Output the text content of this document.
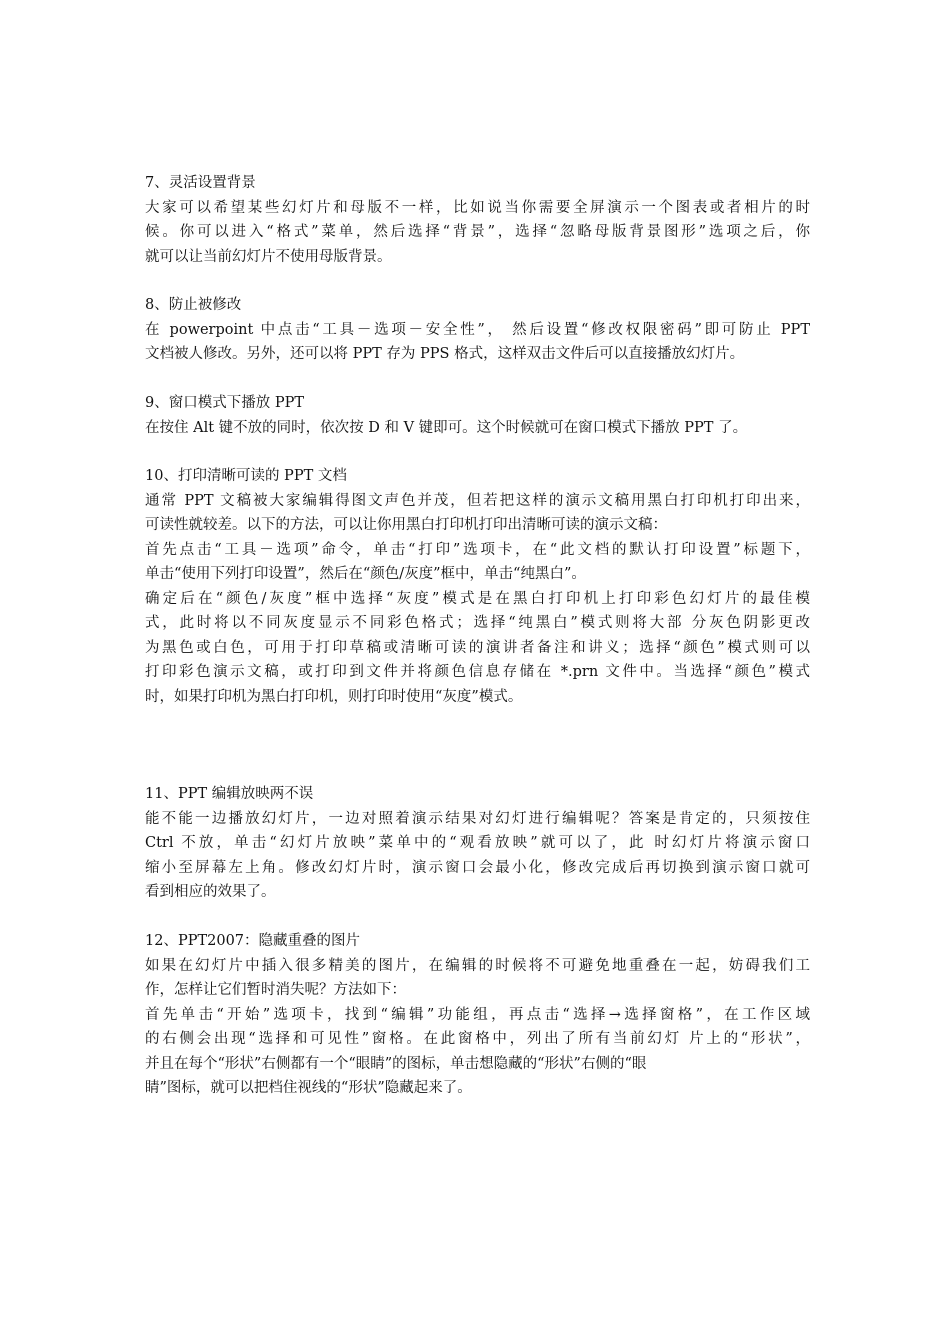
7、灵活设置背景
大家可以希望某些幻灯片和母版不一样，比如说当你需要全屏演示一个图表或者相片的时
候。你可以进入“格式”菜单，然后选择“背景”，选择“忽略母版背景图形”选项之后，你
就可以让当前幻灯片不使用母版背景。
8、防止被修改
在 powerpoint 中点击“工具－选项－安全性”， 然后设置“修改权限密码”即可防止 PPT
文档被人修改。另外，还可以将 PPT 存为 PPS 格式，这样双击文件后可以直接播放幻灯片。
9、窗口模式下播放 PPT
在按住 Alt 键不放的同时，依次按 D 和 V 键即可。这个时候就可在窗口模式下播放 PPT 了。
10、打印清晰可读的 PPT 文档
通常 PPT 文稿被大家编辑得图文声色并茂，但若把这样的演示文稿用黑白打印机打印出来，
可读性就较差。以下的方法，可以让你用黑白打印机打印出清晰可读的演示文稿：
首先点击“工具－选项”命令，单击“打印”选项卡，在“此文档的默认打印设置”标题下，
单击“使用下列打印设置”，然后在“颜色/灰度”框中，单击“纯黑白”。
确定后在“颜色/灰度”框中选择“灰度”模式是在黑白打印机上打印彩色幻灯片的最佳模
式，此时将以不同灰度显示不同彩色格式；选择“纯黑白”模式则将大部 分灰色阴影更改
为黑色或白色，可用于打印草稿或清晰可读的演讲者备注和讲义；选择“颜色”模式则可以
打印彩色演示文稿，或打印到文件并将颜色信息存储在 *.prn 文件中。当选择“颜色”模式
时，如果打印机为黑白打印机，则打印时使用“灰度”模式。
11、PPT 编辑放映两不误
能不能一边播放幻灯片，一边对照着演示结果对幻灯进行编辑呢？答案是肯定的，只须按住
Ctrl 不放，单击“幻灯片放映”菜单中的“观看放映”就可以了，此 时幻灯片将演示窗口
缩小至屏幕左上角。修改幻灯片时，演示窗口会最小化，修改完成后再切换到演示窗口就可
看到相应的效果了。
12、PPT2007：隐藏重叠的图片
如果在幻灯片中插入很多精美的图片，在编辑的时候将不可避免地重叠在一起，妨碍我们工
作，怎样让它们暂时消失呢？方法如下：
首先单击“开始”选项卡，找到“编辑”功能组，再点击“选择→选择窗格”，在工作区域
的右侧会出现“选择和可见性”窗格。在此窗格中，列出了所有当前幻灯 片上的“形状”，
并且在每个“形状”右侧都有一个“眼睛”的图标，单击想隐藏的“形状”右侧的“眼
睛”图标，就可以把档住视线的“形状”隐藏起来了。
